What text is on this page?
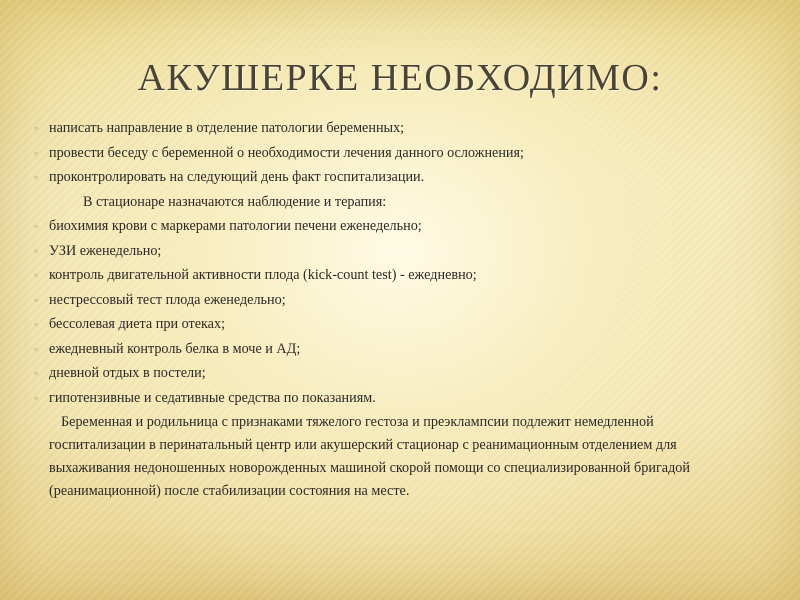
АКУШЕРКЕ НЕОБХОДИМО:
◦ написать направление в отделение патологии беременных;
◦ провести беседу с беременной о необходимости лечения данного осложнения;
◦ проконтролировать на следующий день факт госпитализации.
В стационаре назначаются наблюдение и терапия:
◦ биохимия крови с маркерами патологии печени еженедельно;
◦ УЗИ еженедельно;
◦ контроль двигательной активности плода (kick-count test) - ежедневно;
◦ нестрессовый тест плода еженедельно;
◦ бессолевая диета при отеках;
◦ ежедневный контроль белка в моче и АД;
◦ дневной отдых в постели;
◦ гипотензивные и седативные средства по показаниям.
Беременная и родильница с признаками тяжелого гестоза и преэклампсии подлежит немедленной госпитализации в перинатальный центр или акушерский стационар с реанимационным отделением для выхаживания недоношенных новорожденных машиной скорой помощи со специализированной бригадой (реанимационной) после стабилизации состояния на месте.
